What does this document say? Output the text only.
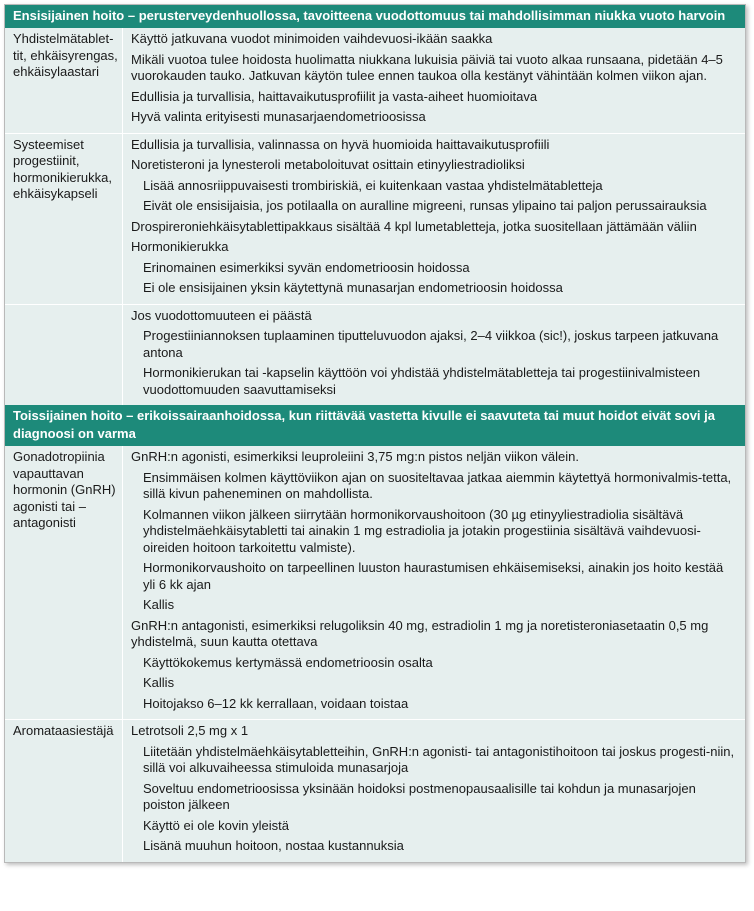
Ensisijainen hoito – perusterveydenhuollossa, tavoitteena vuodottomuus tai mahdollisimman niukka vuoto harvoin
Yhdistelmätablet-tit, ehkäisyrengas, ehkäisylaastari
Käyttö jatkuvana vuodot minimoiden vaihdevuosi-ikään saakka
Mikäli vuotoa tulee hoidosta huolimatta niukkana lukuisia päiviä tai vuoto alkaa runsaana, pidetään 4–5 vuorokauden tauko. Jatkuvan käytön tulee ennen taukoa olla kestänyt vähintään kolmen viikon ajan.
Edullisia ja turvallisia, haittavaikutusprofiilit ja vasta-aiheet huomioitava
Hyvä valinta erityisesti munasarjaendometrioosissa
Systeemiset progestiinit, hormonikierukka, ehkäisykapseli
Edullisia ja turvallisia, valinnassa on hyvä huomioida haittavaikutusprofiili
Noretisteroni ja lynesteroli metaboloituvat osittain etinyyliestradioliksi
Lisää annosriippuvaisesti trombiriskiä, ei kuitenkaan vastaa yhdistelmätabletteja
Eivät ole ensisijaisia, jos potilaalla on auralline migreeni, runsas ylipaino tai paljon perussairauksia
Drospireroniehkäisytablettipakkaus sisältää 4 kpl lumetabletteja, jotka suositellaan jättämään väliin
Hormonikierukka
Erinomainen esimerkiksi syvän endometrioosin hoidossa
Ei ole ensisijainen yksin käytettynä munasarjan endometrioosin hoidossa
Jos vuodottomuuteen ei päästä
Progestiiniannoksen tuplaaminen tiputteluvuodon ajaksi, 2–4 viikkoa (sic!), joskus tarpeen jatkuvana antona
Hormonikierukan tai -kapselin käyttöön voi yhdistää yhdistelmätabletteja tai progestiinivalmisteen vuodottomuuden saavuttamiseksi
Toissijainen hoito – erikoissairaanhoidossa, kun riittävää vastetta kivulle ei saavuteta tai muut hoidot eivät sovi ja diagnoosi on varma
Gonadotropiinia vapauttavan hormonin (GnRH) agonisti tai – antagonisti
GnRH:n agonisti, esimerkiksi leuproleiini 3,75 mg:n pistos neljän viikon välein.
Ensimmäisen kolmen käyttöviikon ajan on suositeltavaa jatkaa aiemmin käytettyä hormonivalmis-tetta, sillä kivun paheneminen on mahdollista.
Kolmannen viikon jälkeen siirrytään hormonikorvaushoitoon (30 µg etinyyliestradiolia sisältävä yhdistelmäehkäisytabletti tai ainakin 1 mg estradiolia ja jotakin progestiinia sisältävä vaihdevuosi-oireiden hoitoon tarkoitettu valmiste).
Hormonikorvaushoito on tarpeellinen luuston haurastumisen ehkäisemiseksi, ainakin jos hoito kestää yli 6 kk ajan
Kallis
GnRH:n antagonisti, esimerkiksi relugoliksin 40 mg, estradiolin 1 mg ja noretisteroniasetaatin 0,5 mg yhdistelmä, suun kautta otettava
Käyttökokemus kertymässä endometrioosin osalta
Kallis
Hoitojakso 6–12 kk kerrallaan, voidaan toistaa
Aromataasiestäjä	Letrotsoli 2,5 mg x 1
Liitetään yhdistelmäehkäisytabletteihin, GnRH:n agonisti- tai antagonistihoitoon tai joskus progesti-niin, sillä voi alkuvaiheessa stimuloida munasarjoja
Soveltuu endometrioosissa yksinään hoidoksi postmenopausaalisille tai kohdun ja munasarjojen poiston jälkeen
Käyttö ei ole kovin yleistä
Lisänä muuhun hoitoon, nostaa kustannuksia
